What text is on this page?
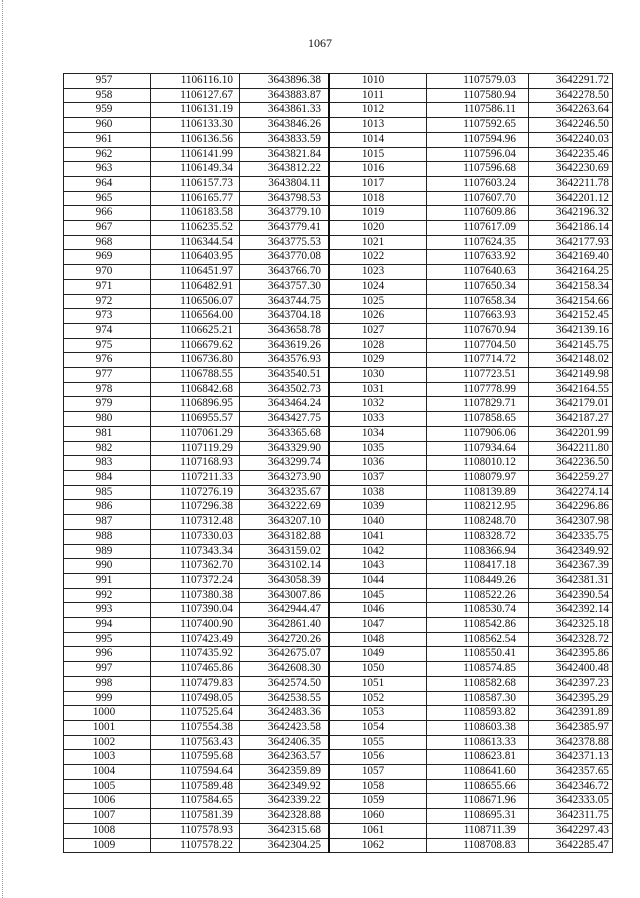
1067
957	1106116.10	3643896.38	1010	1107579.03	3642291.72
958	1106127.67	3643883.87	1011	1107580.94	3642278.50
959	1106131.19	3643861.33	1012	1107586.11	3642263.64
960	1106133.30	3643846.26	1013	1107592.65	3642246.50
961	1106136.56	3643833.59	1014	1107594.96	3642240.03
962	1106141.99	3643821.84	1015	1107596.04	3642235.46
963	1106149.34	3643812.22	1016	1107596.68	3642230.69
964	1106157.73	3643804.11	1017	1107603.24	3642211.78
965	1106165.77	3643798.53	1018	1107607.70	3642201.12
966	1106183.58	3643779.10	1019	1107609.86	3642196.32
967	1106235.52	3643779.41	1020	1107617.09	3642186.14
968	1106344.54	3643775.53	1021	1107624.35	3642177.93
969	1106403.95	3643770.08	1022	1107633.92	3642169.40
970	1106451.97	3643766.70	1023	1107640.63	3642164.25
971	1106482.91	3643757.30	1024	1107650.34	3642158.34
972	1106506.07	3643744.75	1025	1107658.34	3642154.66
973	1106564.00	3643704.18	1026	1107663.93	3642152.45
974	1106625.21	3643658.78	1027	1107670.94	3642139.16
975	1106679.62	3643619.26	1028	1107704.50	3642145.75
976	1106736.80	3643576.93	1029	1107714.72	3642148.02
977	1106788.55	3643540.51	1030	1107723.51	3642149.98
978	1106842.68	3643502.73	1031	1107778.99	3642164.55
979	1106896.95	3643464.24	1032	1107829.71	3642179.01
980	1106955.57	3643427.75	1033	1107858.65	3642187.27
981	1107061.29	3643365.68	1034	1107906.06	3642201.99
982	1107119.29	3643329.90	1035	1107934.64	3642211.80
983	1107168.93	3643299.74	1036	1108010.12	3642236.50
984	1107211.33	3643273.90	1037	1108079.97	3642259.27
985	1107276.19	3643235.67	1038	1108139.89	3642274.14
986	1107296.38	3643222.69	1039	1108212.95	3642296.86
987	1107312.48	3643207.10	1040	1108248.70	3642307.98
988	1107330.03	3643182.88	1041	1108328.72	3642335.75
989	1107343.34	3643159.02	1042	1108366.94	3642349.92
990	1107362.70	3643102.14	1043	1108417.18	3642367.39
991	1107372.24	3643058.39	1044	1108449.26	3642381.31
992	1107380.38	3643007.86	1045	1108522.26	3642390.54
993	1107390.04	3642944.47	1046	1108530.74	3642392.14
994	1107400.90	3642861.40	1047	1108542.86	3642325.18
995	1107423.49	3642720.26	1048	1108562.54	3642328.72
996	1107435.92	3642675.07	1049	1108550.41	3642395.86
997	1107465.86	3642608.30	1050	1108574.85	3642400.48
998	1107479.83	3642574.50	1051	1108582.68	3642397.23
999	1107498.05	3642538.55	1052	1108587.30	3642395.29
1000	1107525.64	3642483.36	1053	1108593.82	3642391.89
1001	1107554.38	3642423.58	1054	1108603.38	3642385.97
1002	1107563.43	3642406.35	1055	1108613.33	3642378.88
1003	1107595.68	3642363.57	1056	1108623.81	3642371.13
1004	1107594.64	3642359.89	1057	1108641.60	3642357.65
1005	1107589.48	3642349.92	1058	1108655.66	3642346.72
1006	1107584.65	3642339.22	1059	1108671.96	3642333.05
1007	1107581.39	3642328.88	1060	1108695.31	3642311.75
1008	1107578.93	3642315.68	1061	1108711.39	3642297.43
1009	1107578.22	3642304.25	1062	1108708.83	3642285.47
